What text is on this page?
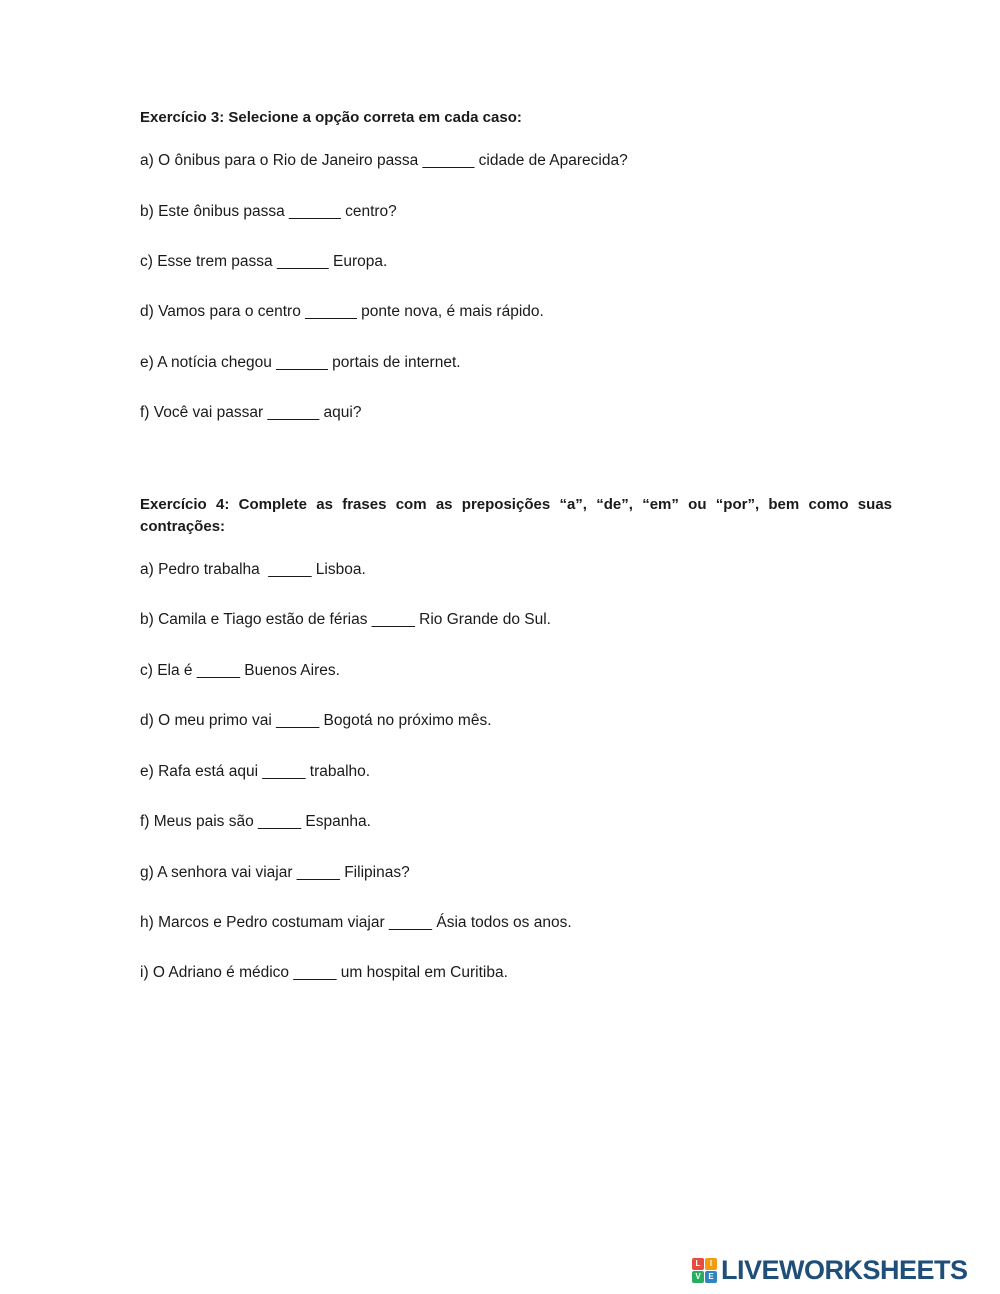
Exercício 3: Selecione a opção correta em cada caso:

a) O ônibus para o Rio de Janeiro passa ______ cidade de Aparecida?

b) Este ônibus passa ______ centro?

c) Esse trem passa ______ Europa.

d) Vamos para o centro ______ ponte nova, é mais rápido.

e) A notícia chegou ______ portais de internet.

f) Você vai passar ______ aqui?

Exercício 4: Complete as frases com as preposições “a”, “de”, “em” ou “por”, bem como suas contrações:

a) Pedro trabalha  _____ Lisboa.

b) Camila e Tiago estão de férias _____ Rio Grande do Sul.

c) Ela é _____ Buenos Aires.

d) O meu primo vai _____ Bogotá no próximo mês.

e) Rafa está aqui _____ trabalho.

f) Meus pais são _____ Espanha.

g) A senhora vai viajar _____ Filipinas?

h) Marcos e Pedro costumam viajar _____ Ásia todos os anos.

i) O Adriano é médico _____ um hospital em Curitiba.

L	I
V E LIVEWORKSHEETS
